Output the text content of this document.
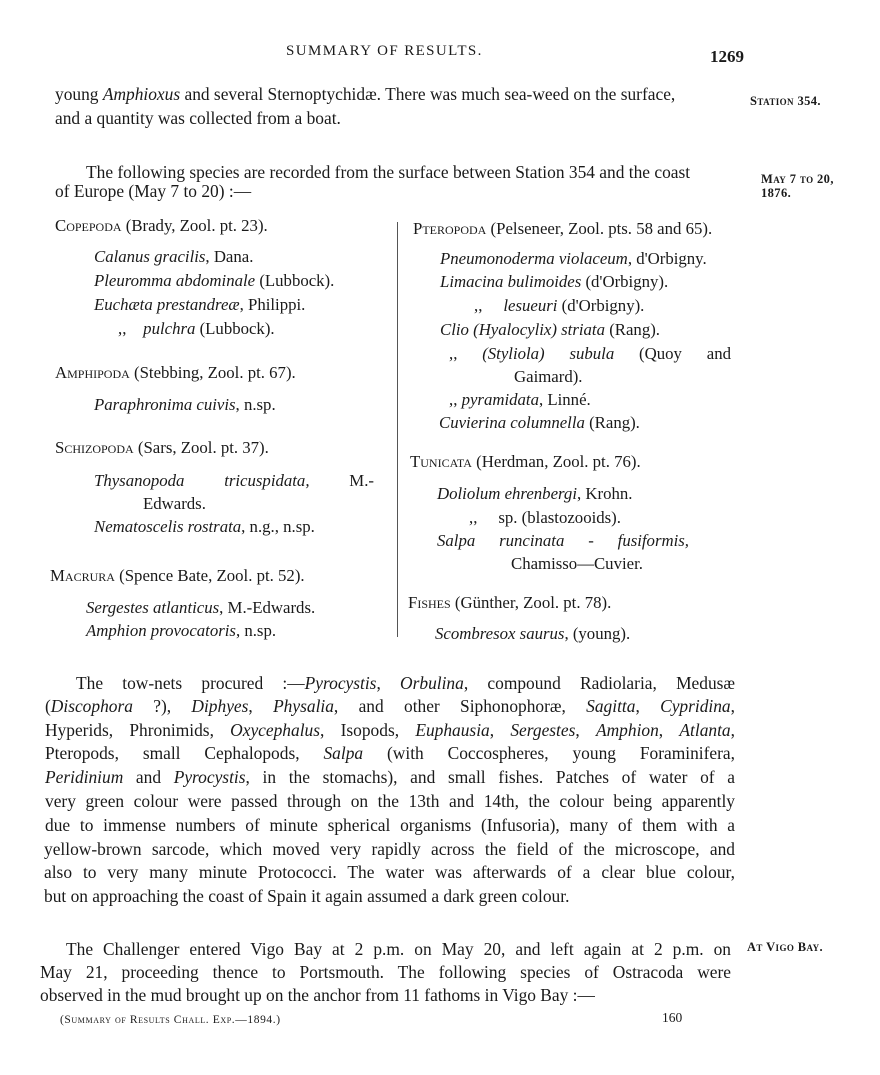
SUMMARY OF RESULTS.	1269
young Amphioxus and several Sternoptychidæ. There was much sea-weed on the surface,
and a quantity was collected from a boat.
Station 354.
May 7 to 20,
1876.
At Vigo Bay.
The following species are recorded from the surface between Station 354 and the coast
of Europe (May 7 to 20) :—
Copepoda (Brady, Zool. pt. 23).
Calanus gracilis, Dana.
Pleuromma abdominale (Lubbock).
Euchæta prestandreæ, Philippi.
,, pulchra (Lubbock).
Amphipoda (Stebbing, Zool. pt. 67).
Paraphronima cuivis, n.sp.
Schizopoda (Sars, Zool. pt. 37).
Thysanopoda tricuspidata, M.-
Edwards.
Nematoscelis rostrata, n.g., n.sp.
Macrura (Spence Bate, Zool. pt. 52).
Sergestes atlanticus, M.-Edwards.
Amphion provocatoris, n.sp.
Pteropoda (Pelseneer, Zool. pts. 58 and 65).
Pneumonoderma violaceum, d'Orbigny.
Limacina bulimoides (d'Orbigny).
,, lesueuri (d'Orbigny).
Clio (Hyalocylix) striata (Rang).
,, (Styliola) subula (Quoy and
Gaimard).
,, pyramidata, Linné.
Cuvierina columnella (Rang).
Tunicata (Herdman, Zool. pt. 76).
Doliolum ehrenbergi, Krohn.
,, sp. (blastozooids).
Salpa runcinata - fusiformis,
Chamisso—Cuvier.
Fishes (Günther, Zool. pt. 78).
Scombresox saurus, (young).
The tow-nets procured :—Pyrocystis, Orbulina, compound Radiolaria, Medusæ
(Discophora ?), Diphyes, Physalia, and other Siphonophoræ, Sagitta, Cypridina,
Hyperids, Phronimids, Oxycephalus, Isopods, Euphausia, Sergestes, Amphion, Atlanta,
Pteropods, small Cephalopods, Salpa (with Coccospheres, young Foraminifera,
Peridinium and Pyrocystis, in the stomachs), and small fishes. Patches of water of a
very green colour were passed through on the 13th and 14th, the colour being apparently
due to immense numbers of minute spherical organisms (Infusoria), many of them with a
yellow-brown sarcode, which moved very rapidly across the field of the microscope, and
also to very many minute Protococci. The water was afterwards of a clear blue colour,
but on approaching the coast of Spain it again assumed a dark green colour.
The Challenger entered Vigo Bay at 2 p.m. on May 20, and left again at 2 p.m. on
May 21, proceeding thence to Portsmouth. The following species of Ostracoda were
observed in the mud brought up on the anchor from 11 fathoms in Vigo Bay :—
(Summary of Results Chall. Exp.—1894.)	160
